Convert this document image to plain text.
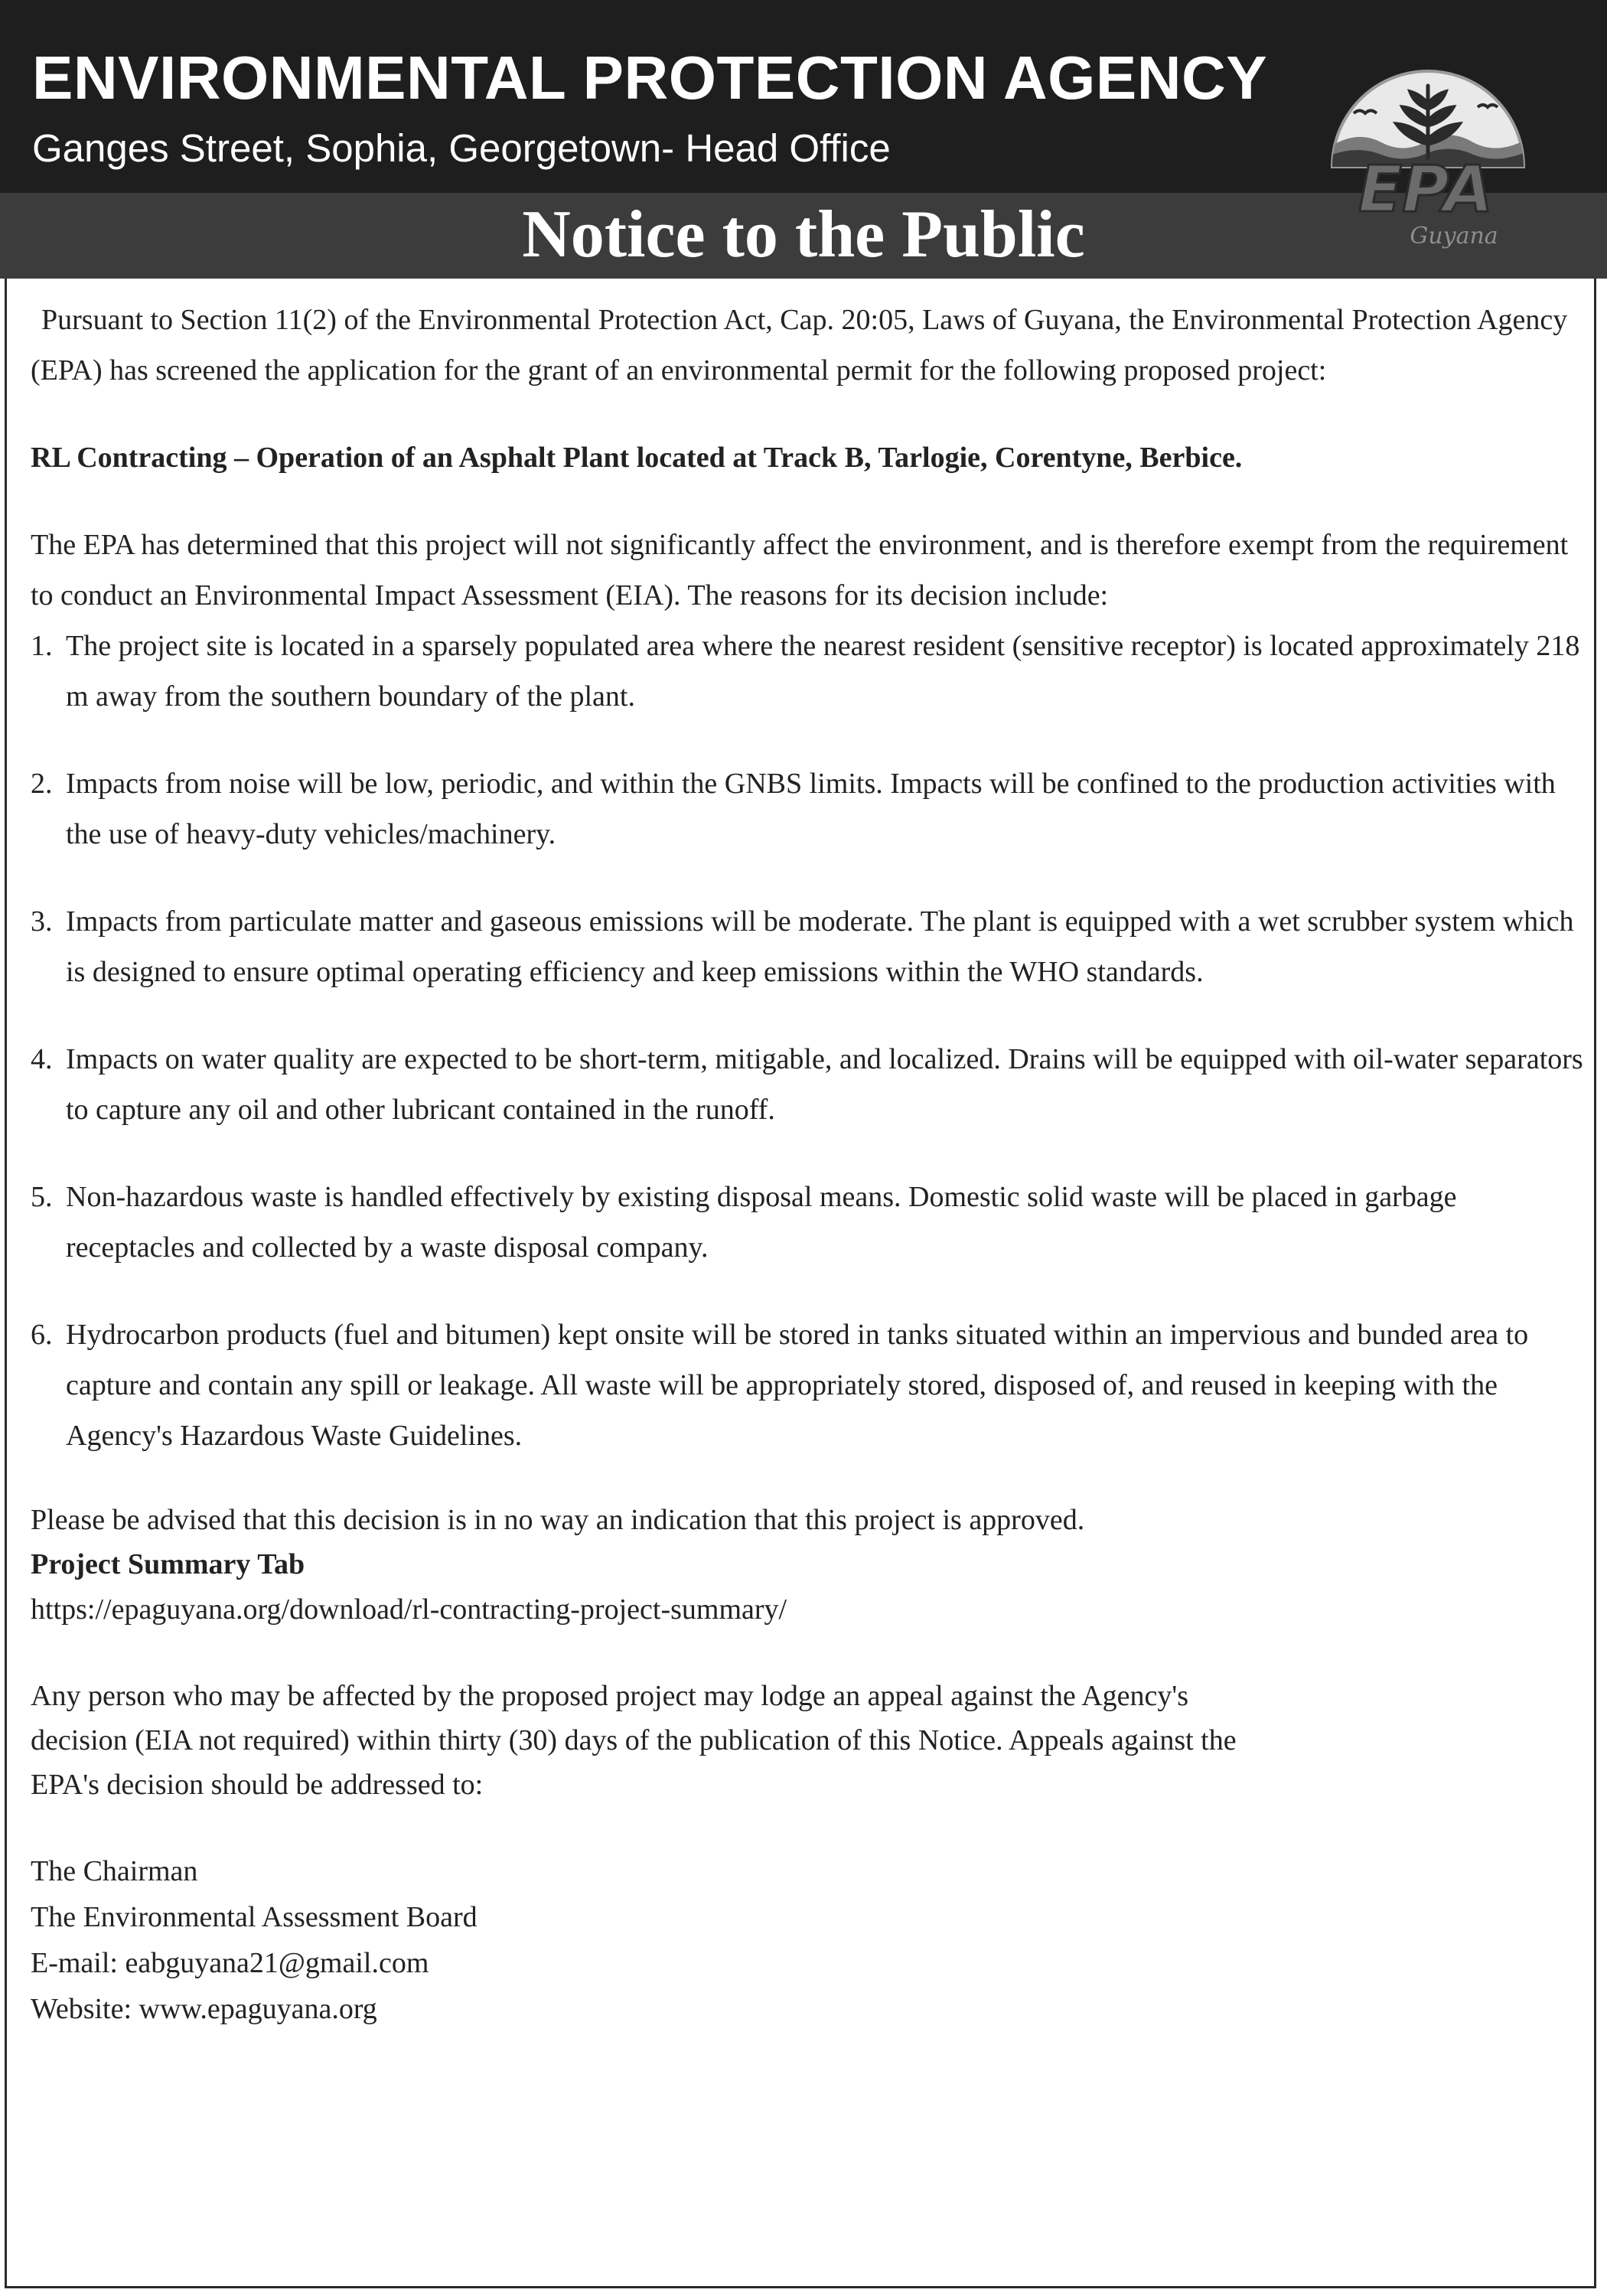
ENVIRONMENTAL PROTECTION AGENCY
Ganges Street, Sophia, Georgetown- Head Office
Notice to the Public
EPA
Guyana

Pursuant to Section 11(2) of the Environmental Protection Act, Cap. 20:05, Laws of Guyana, the Environmental Protection Agency (EPA) has screened the application for the grant of an environmental permit for the following proposed project:

RL Contracting – Operation of an Asphalt Plant located at Track B, Tarlogie, Corentyne, Berbice.

The EPA has determined that this project will not significantly affect the environment, and is therefore exempt from the requirement to conduct an Environmental Impact Assessment (EIA). The reasons for its decision include:

1. The project site is located in a sparsely populated area where the nearest resident (sensitive receptor) is located approximately 218 m away from the southern boundary of the plant.
2. Impacts from noise will be low, periodic, and within the GNBS limits. Impacts will be confined to the production activities with the use of heavy-duty vehicles/machinery.
3. Impacts from particulate matter and gaseous emissions will be moderate. The plant is equipped with a wet scrubber system which is designed to ensure optimal operating efficiency and keep emissions within the WHO standards.
4. Impacts on water quality are expected to be short-term, mitigable, and localized. Drains will be equipped with oil-water separators to capture any oil and other lubricant contained in the runoff.
5. Non-hazardous waste is handled effectively by existing disposal means. Domestic solid waste will be placed in garbage receptacles and collected by a waste disposal company.
6. Hydrocarbon products (fuel and bitumen) kept onsite will be stored in tanks situated within an impervious and bunded area to capture and contain any spill or leakage. All waste will be appropriately stored, disposed of, and reused in keeping with the Agency's Hazardous Waste Guidelines.

Please be advised that this decision is in no way an indication that this project is approved.

Project Summary Tab

https://epaguyana.org/download/rl-contracting-project-summary/

Any person who may be affected by the proposed project may lodge an appeal against the Agency's decision (EIA not required) within thirty (30) days of the publication of this Notice. Appeals against the EPA's decision should be addressed to:

The Chairman
The Environmental Assessment Board
E-mail: eabguyana21@gmail.com
Website: www.epaguyana.org
